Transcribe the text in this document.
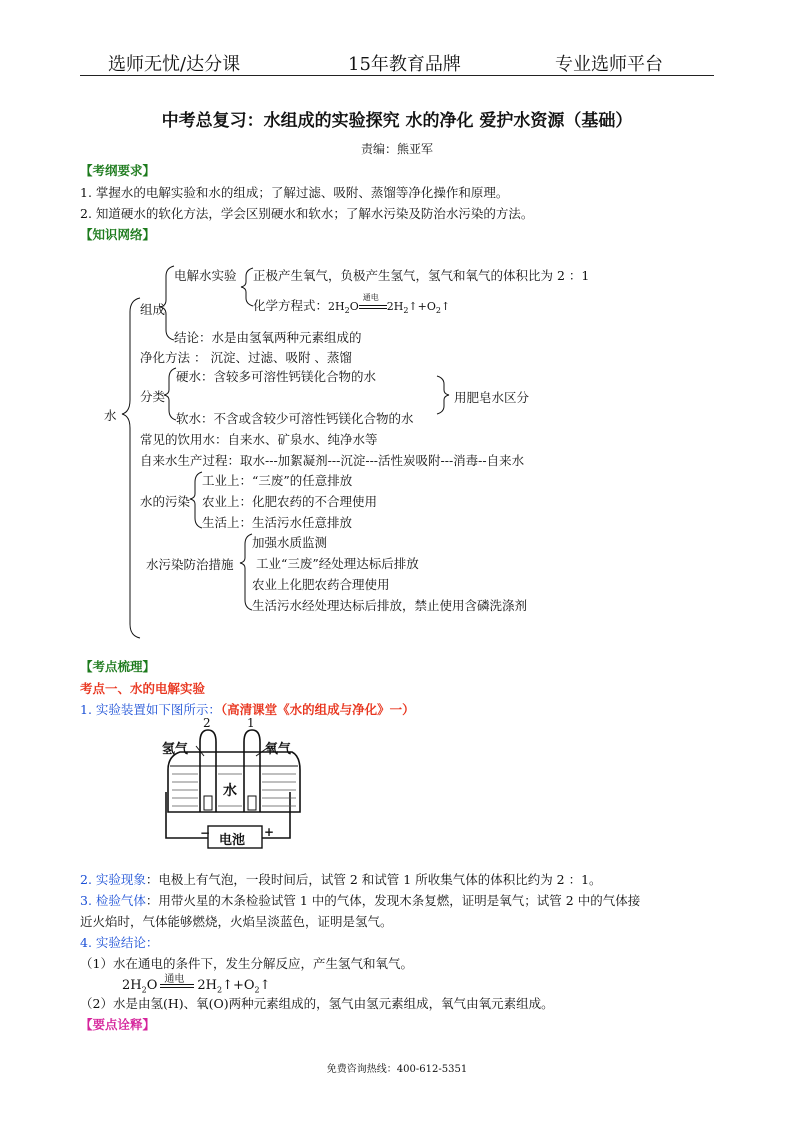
选师无忧/达分课	15年教育品牌	专业选师平台
中考总复习：水组成的实验探究 水的净化 爱护水资源（基础）
责编：熊亚军
【考纲要求】
1. 掌握水的电解实验和水的组成；了解过滤、吸附、蒸馏等净化操作和原理。
2. 知道硬水的软化方法，学会区别硬水和软水；了解水污染及防治水污染的方法。
【知识网络】
水
组成
电解水实验 正极产生氧气，负极产生氢气，氢气和氧气的体积比为 2 ：1
化学方程式：$2H_2O$
通电
$2H_2↑+O_2↑$
结论：水是由氢氧两种元素组成的
净化方法 ： 沉淀、过滤、吸附 、蒸馏
分类
硬水：含较多可溶性钙镁化合物的水
软水：不含或含较少可溶性钙镁化合物的水
用肥皂水区分
常见的饮用水：自来水、矿泉水、纯净水等
自来水生产过程：取水---加絮凝剂---沉淀---活性炭吸附---消毒--自来水
水的污染
工业上：“三废”的任意排放
农业上：化肥农药的不合理使用
生活上：生活污水任意排放
水污染防治措施
加强水质监测
工业“三废”经处理达标后排放
农业上化肥农药合理使用
生活污水经处理达标后排放，禁止使用含磷洗涤剂
【考点梳理】
考点一、水的电解实验
1. 实验装置如下图所示：（高清课堂《水的组成与净化》一）
2	1
氢气	氧气
水
电池
−	+
2. 实验现象：电极上有气泡，一段时间后，试管 2 和试管 1 所收集气体的体积比约为 2 ：1。
3. 检验气体：用带火星的木条检验试管 1 中的气体，发现木条复燃，证明是氧气；试管 2 中的气体接
近火焰时，气体能够燃烧，火焰呈淡蓝色，证明是氢气。
4. 实验结论：
（1）水在通电的条件下，发生分解反应，产生氢气和氧气。
$2H_2O$ 通电 $2H_2↑+O_2↑$
（2）水是由氢(H)、氧(O)两种元素组成的，氢气由氢元素组成，氧气由氧元素组成。
【要点诠释】
免费咨询热线：400-612-5351
